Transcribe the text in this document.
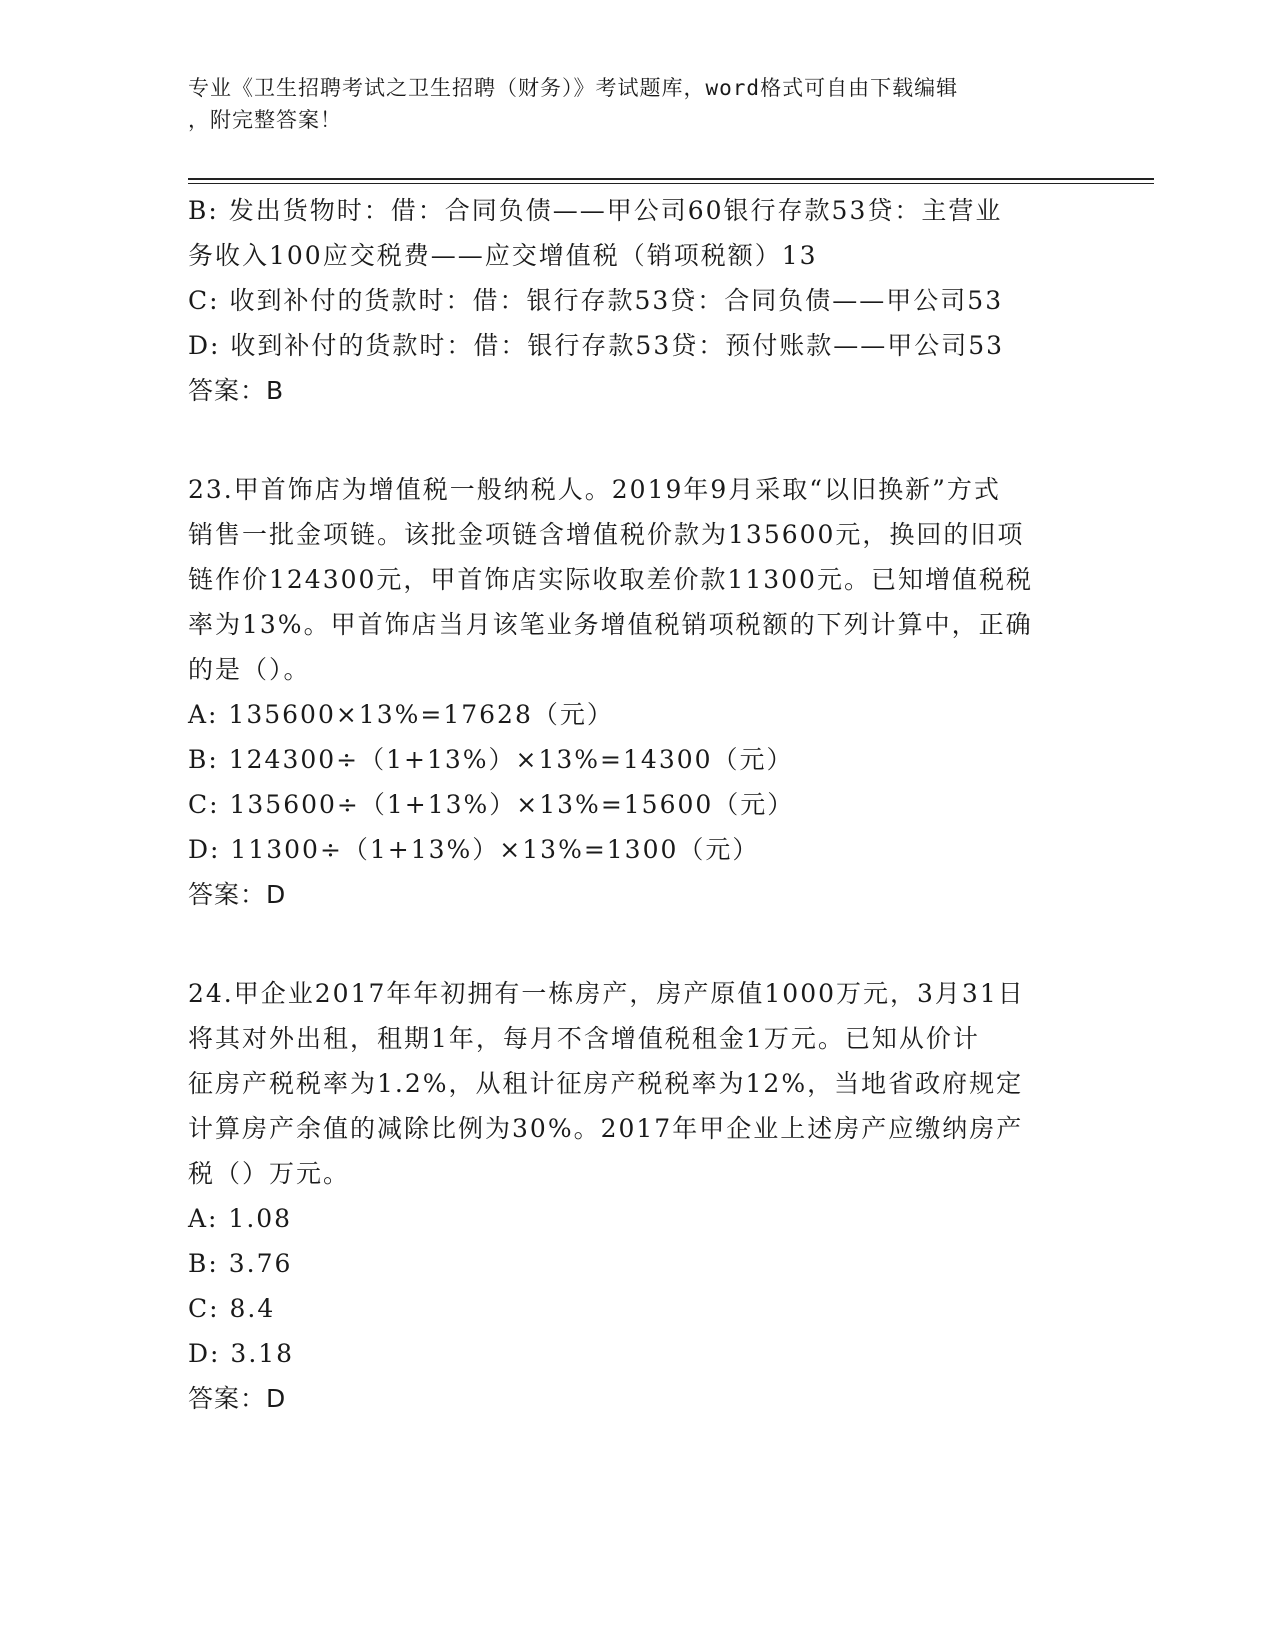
专业《卫生招聘考试之卫生招聘（财务）》考试题库，word格式可自由下载编辑
，附完整答案！
B: 发出货物时：借：合同负债——甲公司60银行存款53贷：主营业
务收入100应交税费——应交增值税（销项税额）13
C: 收到补付的货款时：借：银行存款53贷：合同负债——甲公司53
D: 收到补付的货款时：借：银行存款53贷：预付账款——甲公司53
答案：B
23.甲首饰店为增值税一般纳税人。2019年9月采取“以旧换新”方式
销售一批金项链。该批金项链含增值税价款为135600元，换回的旧项
链作价124300元，甲首饰店实际收取差价款11300元。已知增值税税
率为13%。甲首饰店当月该笔业务增值税销项税额的下列计算中，正确
的是（）。
A: 135600×13%=17628（元）
B: 124300÷（1+13%）×13%=14300（元）
C: 135600÷（1+13%）×13%=15600（元）
D: 11300÷（1+13%）×13%=1300（元）
答案：D
24.甲企业2017年年初拥有一栋房产，房产原值1000万元，3月31日
将其对外出租，租期1年，每月不含增值税租金1万元。已知从价计
征房产税税率为1.2%，从租计征房产税税率为12%，当地省政府规定
计算房产余值的减除比例为30%。2017年甲企业上述房产应缴纳房产
税（）万元。
A: 1.08
B: 3.76
C: 8.4
D: 3.18
答案：D
